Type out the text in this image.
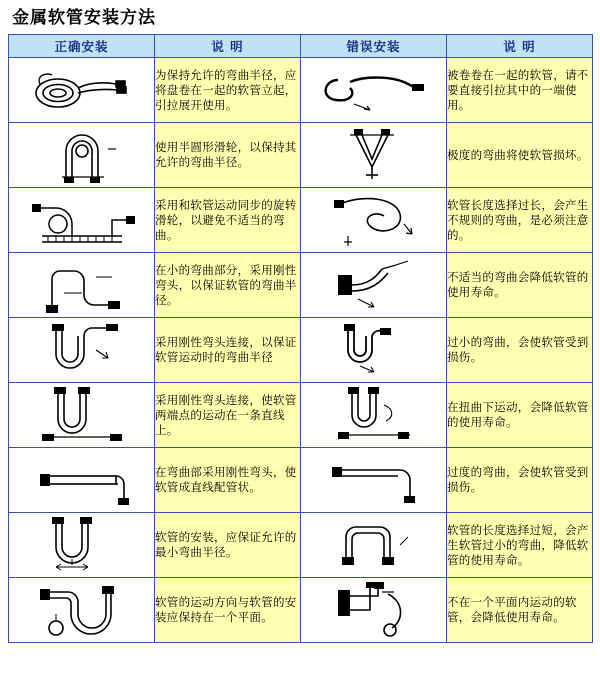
金属软管安装方法
正确安装	说 明	错误安装	说 明

	为保持允许的弯曲半径，应将盘卷在一起的软管立起，引拉展开使用。		被卷卷在一起的软管，请不要直接引拉其中的一端使用。

	使用半圆形滑轮，以保持其允许的弯曲半径。		极度的弯曲将使软管损坏。

	采用和软管运动同步的旋转滑轮，以避免不适当的弯曲。		软管长度选择过长，会产生不规则的弯曲，是必须注意的。

	在小的弯曲部分，采用刚性弯头，以保证软管的弯曲半径。		不适当的弯曲会降低软管的使用寿命。

	采用刚性弯头连接，以保证软管运动时的弯曲半径		过小的弯曲，会使软管受到损伤。

	采用刚性弯头连接，使软管两端点的运动在一条直线上。		在扭曲下运动，会降低软管的使用寿命。

	在弯曲部采用刚性弯头，使软管成直线配管状。		过度的弯曲，会使软管受到损伤。

	软管的安装，应保证允许的最小弯曲半径。		软管的长度选择过短，会产生软管过小的弯曲，降低软管的使用寿命。

	软管的运动方向与软管的安装应保持在一个平面。		不在一个平面内运动的软管，会降低使用寿命。
